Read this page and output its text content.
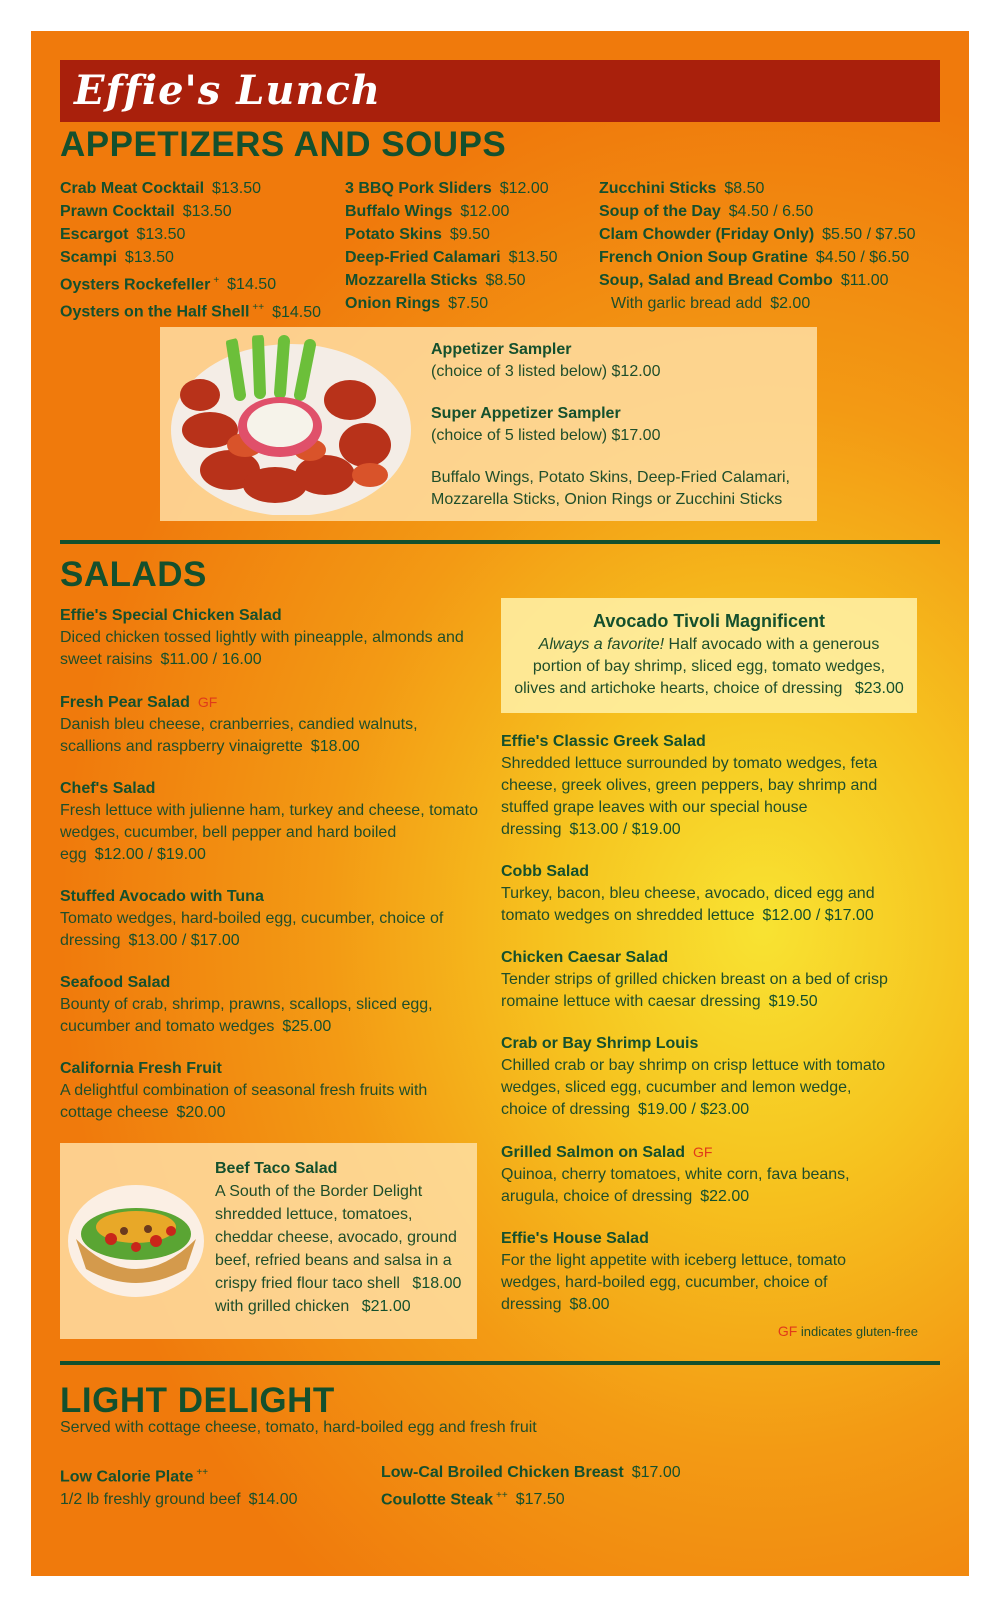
Effie's Lunch
APPETIZERS AND SOUPS
Crab Meat Cocktail $13.50
Prawn Cocktail $13.50
Escargot $13.50
Scampi $13.50
Oysters Rockefeller + $14.50
Oysters on the Half Shell ++ $14.50
3 BBQ Pork Sliders $12.00
Buffalo Wings $12.00
Potato Skins $9.50
Deep-Fried Calamari $13.50
Mozzarella Sticks $8.50
Onion Rings $7.50
Zucchini Sticks $8.50
Soup of the Day $4.50 / 6.50
Clam Chowder (Friday Only) $5.50 / $7.50
French Onion Soup Gratine $4.50 / $6.50
Soup, Salad and Bread Combo $11.00
With garlic bread add $2.00
Appetizer Sampler
(choice of 3 listed below) $12.00
Super Appetizer Sampler
(choice of 5 listed below) $17.00
Buffalo Wings, Potato Skins, Deep-Fried Calamari,
Mozzarella Sticks, Onion Rings or Zucchini Sticks
SALADS
Effie's Special Chicken Salad
Diced chicken tossed lightly with pineapple, almonds and sweet raisins $11.00 / 16.00
Fresh Pear Salad GF
Danish bleu cheese, cranberries, candied walnuts, scallions and raspberry vinaigrette $18.00
Chef's Salad
Fresh lettuce with julienne ham, turkey and cheese, tomato wedges, cucumber, bell pepper and hard boiled egg $12.00 / $19.00
Stuffed Avocado with Tuna
Tomato wedges, hard-boiled egg, cucumber, choice of dressing $13.00 / $17.00
Seafood Salad
Bounty of crab, shrimp, prawns, scallops, sliced egg, cucumber and tomato wedges $25.00
California Fresh Fruit
A delightful combination of seasonal fresh fruits with cottage cheese $20.00
Beef Taco Salad
A South of the Border Delight shredded lettuce, tomatoes, cheddar cheese, avocado, ground beef, refried beans and salsa in a crispy fried flour taco shell $18.00
with grilled chicken $21.00
Avocado Tivoli Magnificent
Always a favorite! Half avocado with a generous portion of bay shrimp, sliced egg, tomato wedges, olives and artichoke hearts, choice of dressing $23.00
Effie's Classic Greek Salad
Shredded lettuce surrounded by tomato wedges, feta cheese, greek olives, green peppers, bay shrimp and stuffed grape leaves with our special house dressing $13.00 / $19.00
Cobb Salad
Turkey, bacon, bleu cheese, avocado, diced egg and tomato wedges on shredded lettuce $12.00 / $17.00
Chicken Caesar Salad
Tender strips of grilled chicken breast on a bed of crisp romaine lettuce with caesar dressing $19.50
Crab or Bay Shrimp Louis
Chilled crab or bay shrimp on crisp lettuce with tomato wedges, sliced egg, cucumber and lemon wedge, choice of dressing $19.00 / $23.00
Grilled Salmon on Salad GF
Quinoa, cherry tomatoes, white corn, fava beans, arugula, choice of dressing $22.00
Effie's House Salad
For the light appetite with iceberg lettuce, tomato wedges, hard-boiled egg, cucumber, choice of dressing $8.00
GF indicates gluten-free
LIGHT DELIGHT
Served with cottage cheese, tomato, hard-boiled egg and fresh fruit
Low Calorie Plate ++
1/2 lb freshly ground beef $14.00
Low-Cal Broiled Chicken Breast $17.00
Coulotte Steak ++ $17.50
